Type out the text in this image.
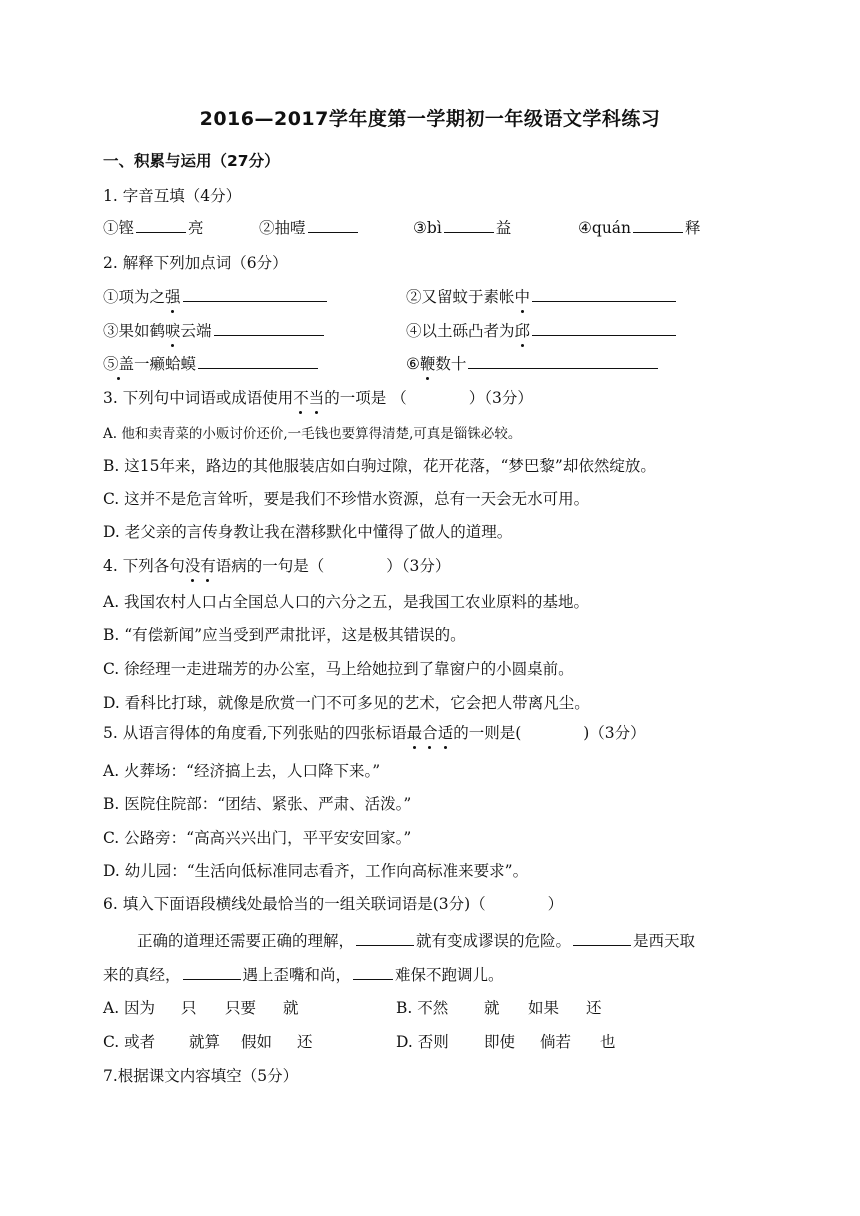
2016—2017学年度第一学期初一年级语文学科练习
一、积累与运用（27分）
1. 字音互填（4分）
①铿	亮	②抽噎	③bì	益	④quán	释
2. 解释下列加点词（6分）
①项为之强	②又留蚊于素帐中
③果如鹤唳云端	④以土砾凸者为邱
⑤盖一癞蛤蟆	⑥鞭数十
3. 下列句中词语或成语使用不当的一项是 （　　　　）（3分）
A. 他和卖青菜的小贩讨价还价,一毛钱也要算得清楚,可真是锱铢必较。
B. 这15年来，路边的其他服装店如白驹过隙，花开花落，“梦巴黎”却依然绽放。
C. 这并不是危言耸听，要是我们不珍惜水资源，总有一天会无水可用。
D. 老父亲的言传身教让我在潜移默化中懂得了做人的道理。
4. 下列各句没有语病的一句是（　　　　）（3分）
A. 我国农村人口占全国总人口的六分之五，是我国工农业原料的基地。
B. “有偿新闻”应当受到严肃批评，这是极其错误的。
C. 徐经理一走进瑞芳的办公室，马上给她拉到了靠窗户的小圆桌前。
D. 看科比打球，就像是欣赏一门不可多见的艺术，它会把人带离凡尘。
5. 从语言得体的角度看,下列张贴的四张标语最合适的一则是(　　　　)（3分）
A. 火葬场：“经济搞上去，人口降下来。”
B. 医院住院部：“团结、紧张、严肃、活泼。”
C. 公路旁：“高高兴兴出门，平平安安回家。”
D. 幼儿园：“生活向低标准同志看齐，工作向高标准来要求”。
6. 填入下面语段横线处最恰当的一组关联词语是(3分)（　　　　）
正确的道理还需要正确的理解，	就有变成谬误的危险。	是西天取
来的真经，	遇上歪嘴和尚，	难保不跑调儿。
A. 因为 只 只要 就	B. 不然 就 如果 还
C. 或者 就算 假如 还	D. 否则 即使 倘若 也
7.根据课文内容填空（5分）
